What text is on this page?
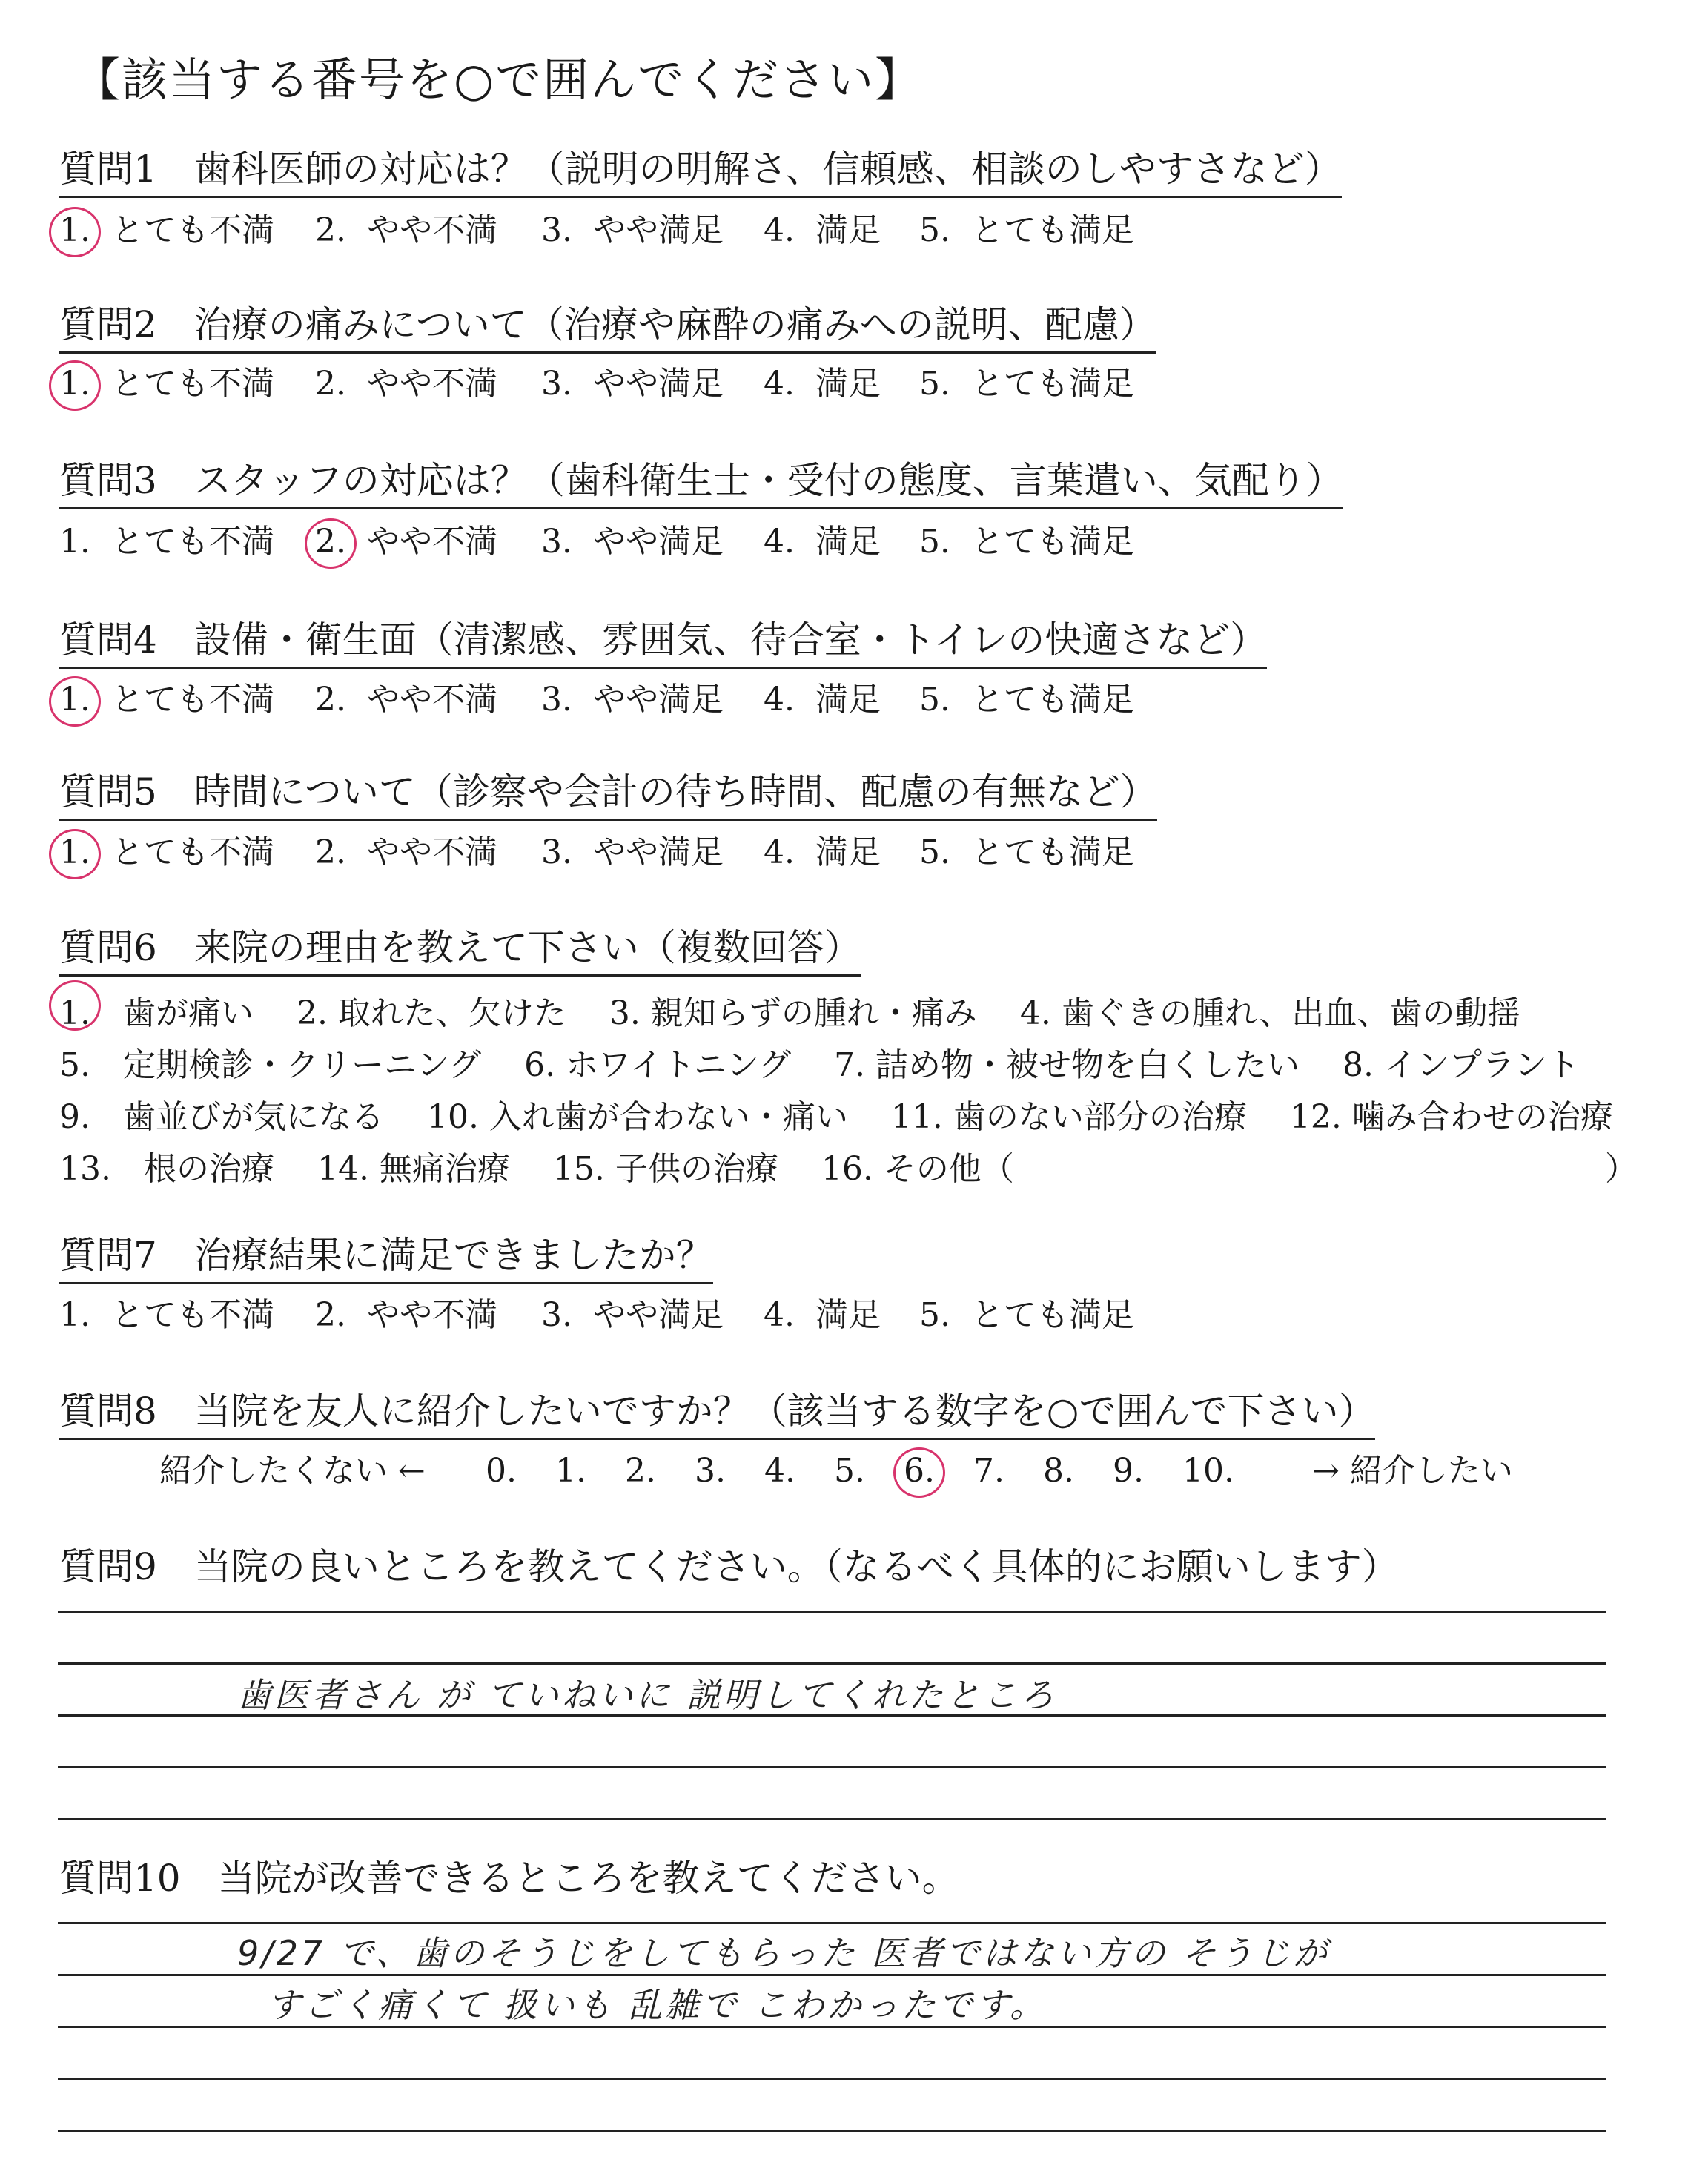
【該当する番号を○で囲んでください】
質問1 歯科医師の対応は？（説明の明解さ、信頼感、相談のしやすさなど）
1. とても不満 2. やや不満 3. やや満足 4. 満足 5. とても満足
質問2 治療の痛みについて（治療や麻酔の痛みへの説明、配慮）
1. とても不満 2. やや不満 3. やや満足 4. 満足 5. とても満足
質問3 スタッフの対応は？（歯科衛生士・受付の態度、言葉遣い、気配り）
1. とても不満 2. やや不満 3. やや満足 4. 満足 5. とても満足
質問4 設備・衛生面（清潔感、雰囲気、待合室・トイレの快適さなど）
1. とても不満 2. やや不満 3. やや満足 4. 満足 5. とても満足
質問5 時間について（診察や会計の待ち時間、配慮の有無など）
1. とても不満 2. やや不満 3. やや満足 4. 満足 5. とても満足
質問6 来院の理由を教えて下さい（複数回答）
1.　歯が痛い　 2. 取れた、欠けた　 3. 親知らずの腫れ・痛み　 4. 歯ぐきの腫れ、出血、歯の動揺
5.　定期検診・クリーニング　 6. ホワイトニング　 7. 詰め物・被せ物を白くしたい　 8. インプラント
9.　歯並びが気になる　 10. 入れ歯が合わない・痛い　 11. 歯のない部分の治療　 12. 噛み合わせの治療
13.　根の治療　 14. 無痛治療　 15. 子供の治療　 16. その他（	）
質問7 治療結果に満足できましたか？
1. とても不満 2. やや不満 3. やや満足 4. 満足 5. とても満足
質問8 当院を友人に紹介したいですか？（該当する数字を○で囲んで下さい）
紹介したくない ←	→ 紹介したい
0. 1. 2. 3. 4. 5. 6. 7. 8. 9. 10.
質問9 当院の良いところを教えてください。（なるべく具体的にお願いします）
歯医者さん が ていねいに 説明してくれたところ
質問10 当院が改善できるところを教えてください。
9/27 で、歯のそうじをしてもらった 医者ではない方の そうじが
すごく痛くて 扱いも 乱雑で こわかったです。
